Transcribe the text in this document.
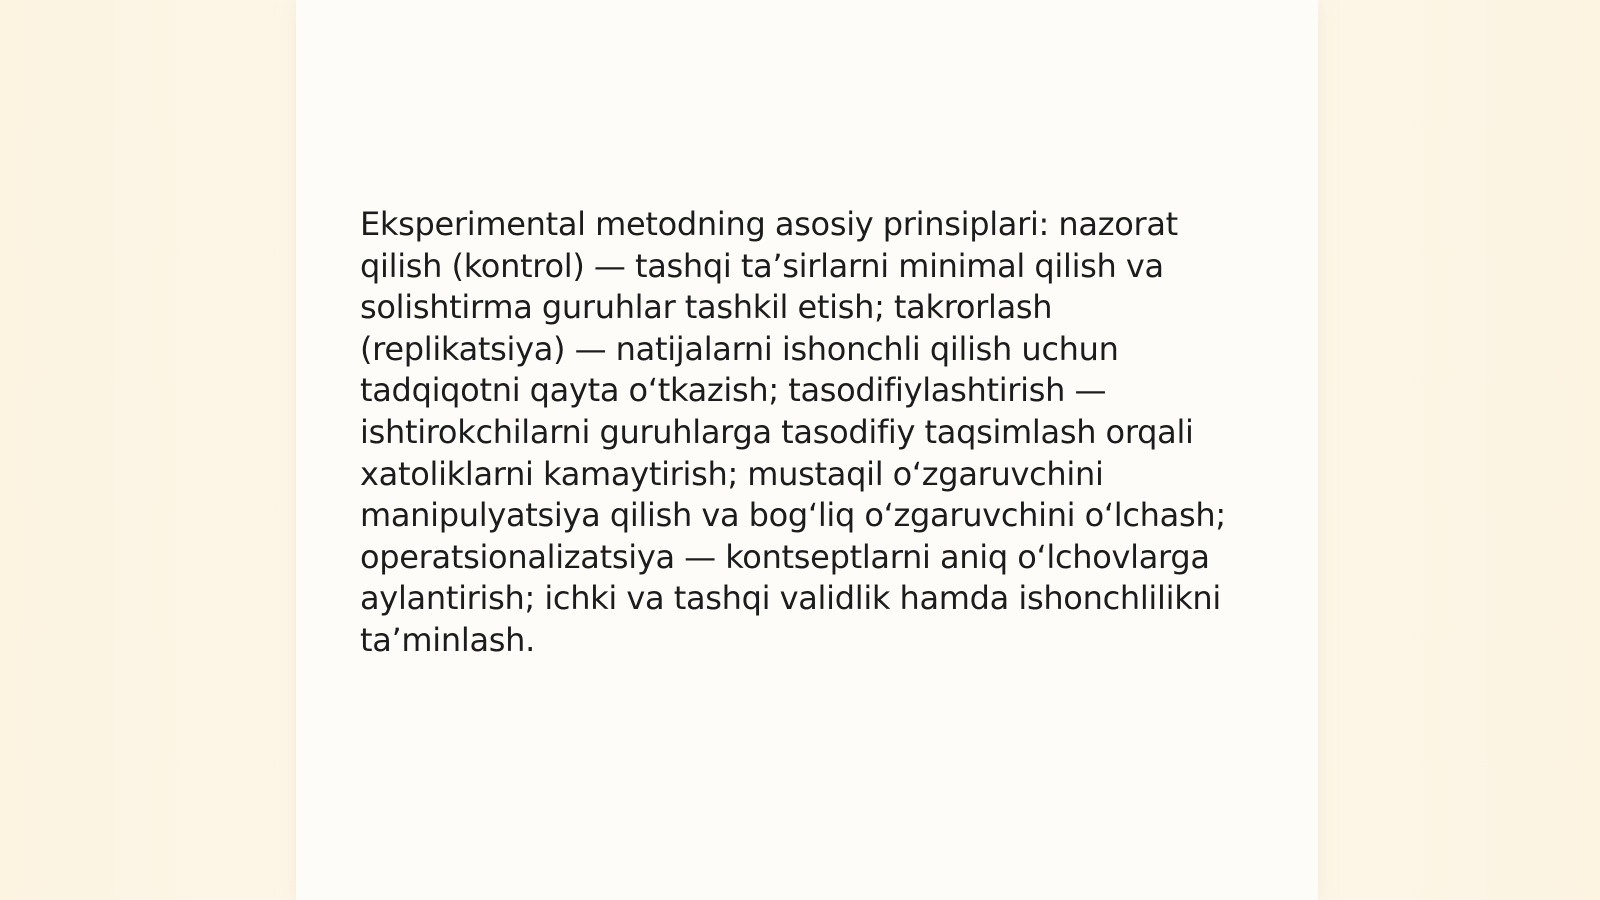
Eksperimental metodning asosiy prinsiplari: nazorat qilish (kontrol) — tashqi ta’sirlarni minimal qilish va solishtirma guruhlar tashkil etish; takrorlash (replikatsiya) — natijalarni ishonchli qilish uchun tadqiqotni qayta o‘tkazish; tasodifiylashtirish — ishtirokchilarni guruhlarga tasodifiy taqsimlash orqali xatoliklarni kamaytirish; mustaqil o‘zgaruvchini manipulyatsiya qilish va bog‘liq o‘zgaruvchini o‘lchash; operatsionalizatsiya — kontseptlarni aniq o‘lchovlarga aylantirish; ichki va tashqi validlik hamda ishonchlilikni ta’minlash.
